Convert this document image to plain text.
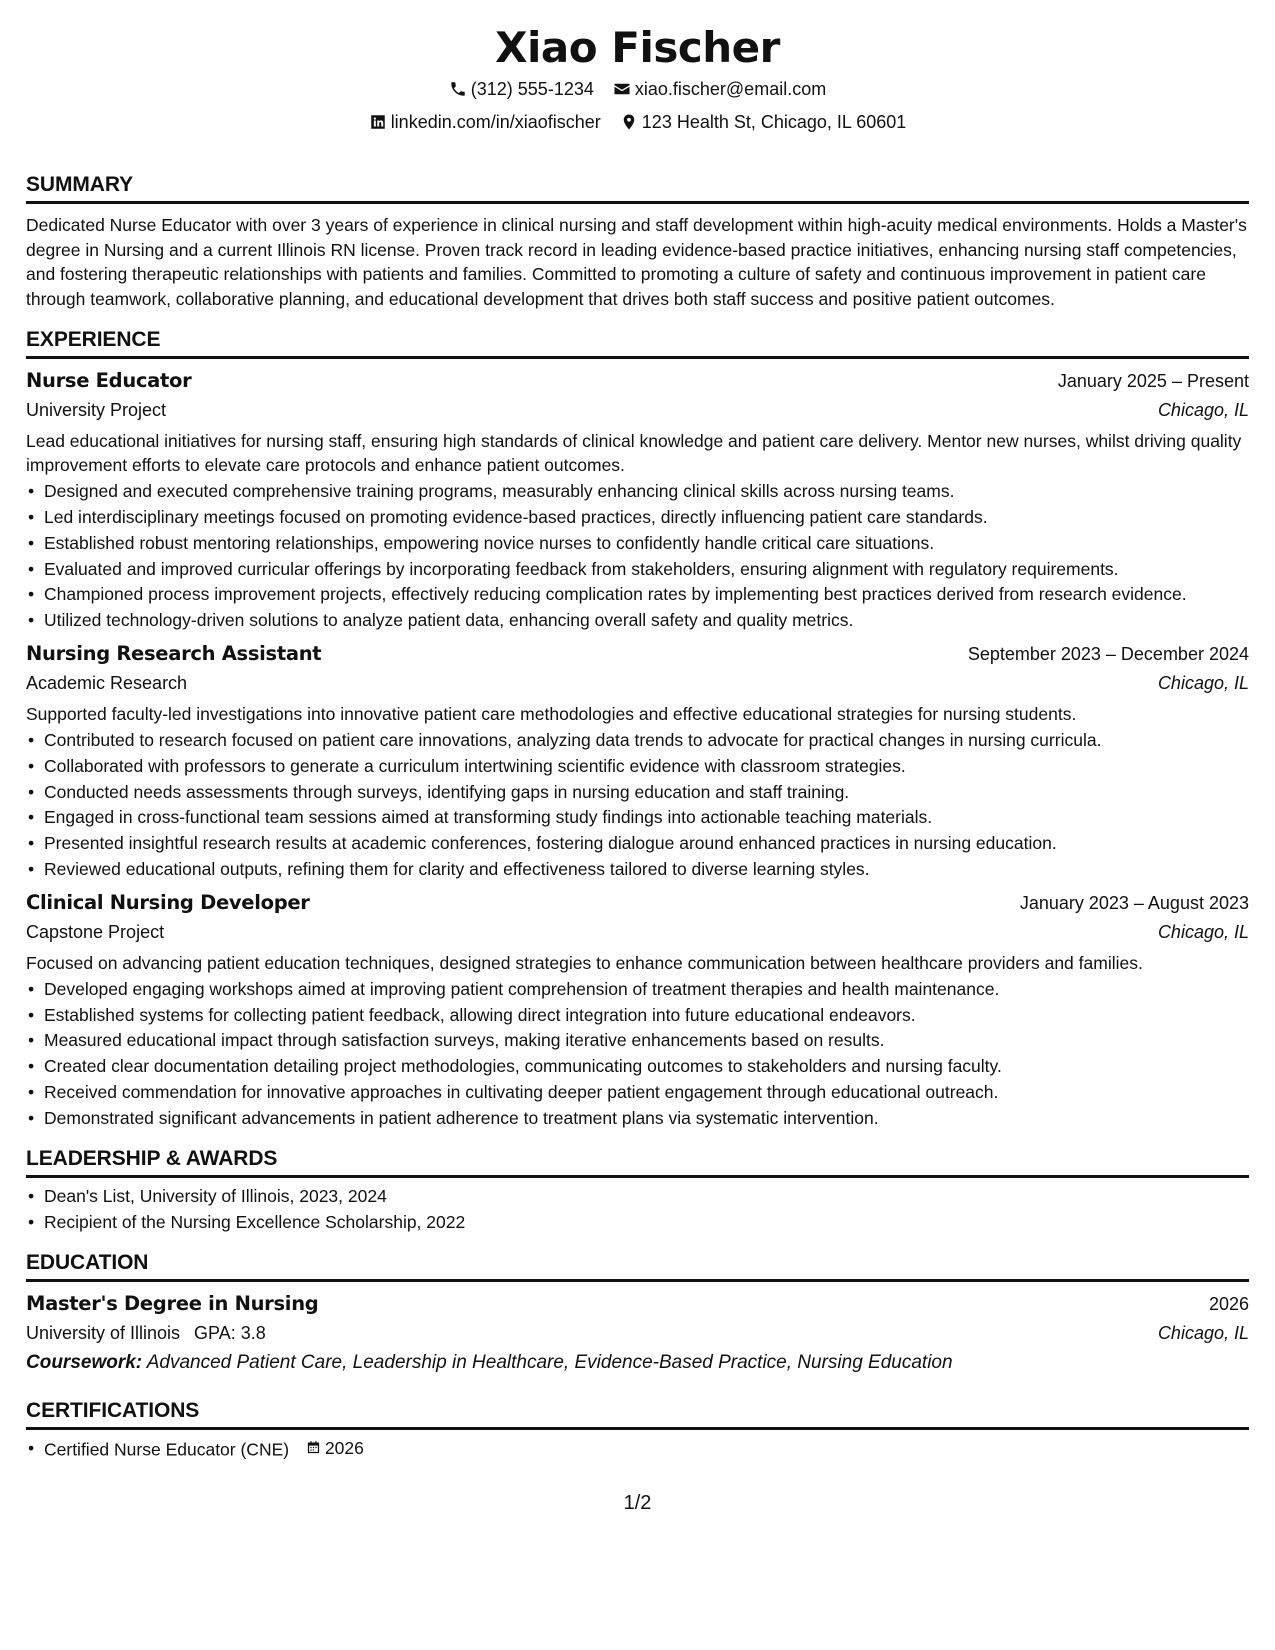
Xiao Fischer
(312) 555-1234
xiao.fischer@email.com
linkedin.com/in/xiaofischer
123 Health St, Chicago, IL 60601
SUMMARY

Dedicated Nurse Educator with over 3 years of experience in clinical nursing and staff development within high-acuity medical environments. Holds a Master's degree in Nursing and a current Illinois RN license. Proven track record in leading evidence-based practice initiatives, enhancing nursing staff competencies, and fostering therapeutic relationships with patients and families. Committed to promoting a culture of safety and continuous improvement in patient care through teamwork, collaborative planning, and educational development that drives both staff success and positive patient outcomes.

EXPERIENCE
Nurse Educator	January 2025 – Present
University Project	Chicago, IL

Lead educational initiatives for nursing staff, ensuring high standards of clinical knowledge and patient care delivery. Mentor new nurses, whilst driving quality improvement efforts to elevate care protocols and enhance patient outcomes.

• Designed and executed comprehensive training programs, measurably enhancing clinical skills across nursing teams.
• Led interdisciplinary meetings focused on promoting evidence-based practices, directly influencing patient care standards.
• Established robust mentoring relationships, empowering novice nurses to confidently handle critical care situations.
• Evaluated and improved curricular offerings by incorporating feedback from stakeholders, ensuring alignment with regulatory requirements.
• Championed process improvement projects, effectively reducing complication rates by implementing best practices derived from research evidence.
• Utilized technology-driven solutions to analyze patient data, enhancing overall safety and quality metrics.
Nursing Research Assistant	September 2023 – December 2024
Academic Research	Chicago, IL

Supported faculty-led investigations into innovative patient care methodologies and effective educational strategies for nursing students.

• Contributed to research focused on patient care innovations, analyzing data trends to advocate for practical changes in nursing curricula.
• Collaborated with professors to generate a curriculum intertwining scientific evidence with classroom strategies.
• Conducted needs assessments through surveys, identifying gaps in nursing education and staff training.
• Engaged in cross-functional team sessions aimed at transforming study findings into actionable teaching materials.
• Presented insightful research results at academic conferences, fostering dialogue around enhanced practices in nursing education.
• Reviewed educational outputs, refining them for clarity and effectiveness tailored to diverse learning styles.
Clinical Nursing Developer	January 2023 – August 2023
Capstone Project	Chicago, IL

Focused on advancing patient education techniques, designed strategies to enhance communication between healthcare providers and families.

• Developed engaging workshops aimed at improving patient comprehension of treatment therapies and health maintenance.
• Established systems for collecting patient feedback, allowing direct integration into future educational endeavors.
• Measured educational impact through satisfaction surveys, making iterative enhancements based on results.
• Created clear documentation detailing project methodologies, communicating outcomes to stakeholders and nursing faculty.
• Received commendation for innovative approaches in cultivating deeper patient engagement through educational outreach.
• Demonstrated significant advancements in patient adherence to treatment plans via systematic intervention.
LEADERSHIP & AWARDS
• Dean's List, University of Illinois, 2023, 2024
• Recipient of the Nursing Excellence Scholarship, 2022
EDUCATION
Master's Degree in Nursing	2026
University of Illinois GPA: 3.8	Chicago, IL
Coursework: Advanced Patient Care, Leadership in Healthcare, Evidence-Based Practice, Nursing Education
CERTIFICATIONS
• Certified Nurse Educator (CNE) 2026
1/2
